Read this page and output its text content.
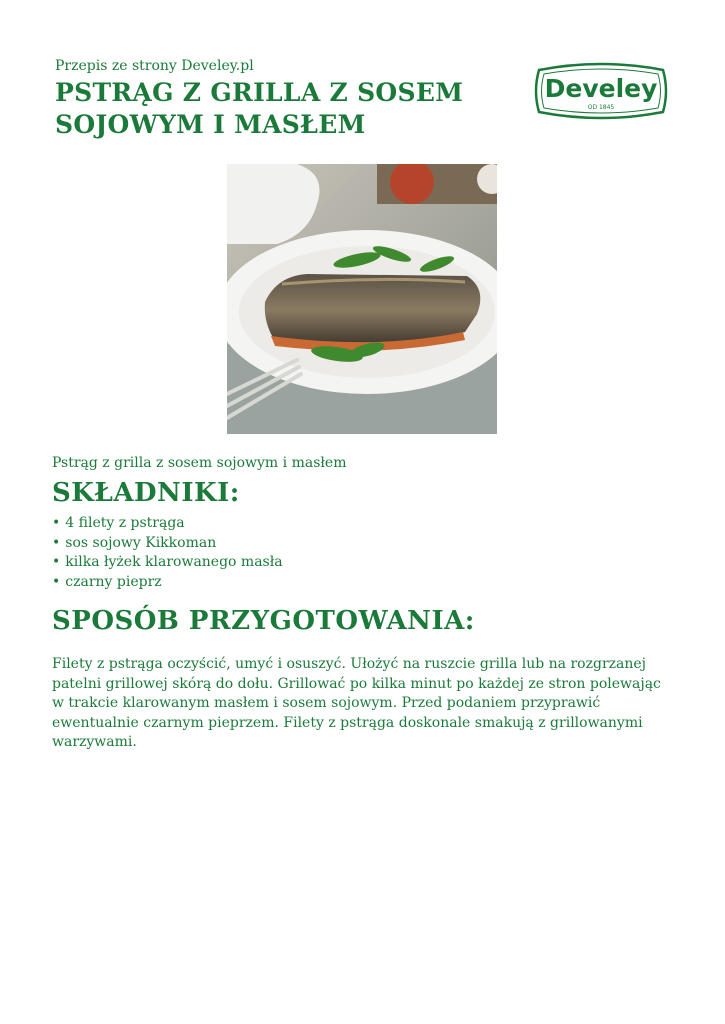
Przepis ze strony Develey.pl
PSTRĄG Z GRILLA Z SOSEM SOJOWYM I MASŁEM
Develey
OD 1845
Pstrąg z grilla z sosem sojowym i masłem
SKŁADNIKI:
• 4 filety z pstrąga
• sos sojowy Kikkoman
• kilka łyżek klarowanego masła
• czarny pieprz
SPOSÓB PRZYGOTOWANIA:

Filety z pstrąga oczyścić, umyć i osuszyć. Ułożyć na ruszcie grilla lub na rozgrzanej patelni grillowej skórą do dołu. Grillować po kilka minut po każdej ze stron polewając w trakcie klarowanym masłem i sosem sojowym. Przed podaniem przyprawić ewentualnie czarnym pieprzem. Filety z pstrąga doskonale smakują z grillowanymi warzywami.
